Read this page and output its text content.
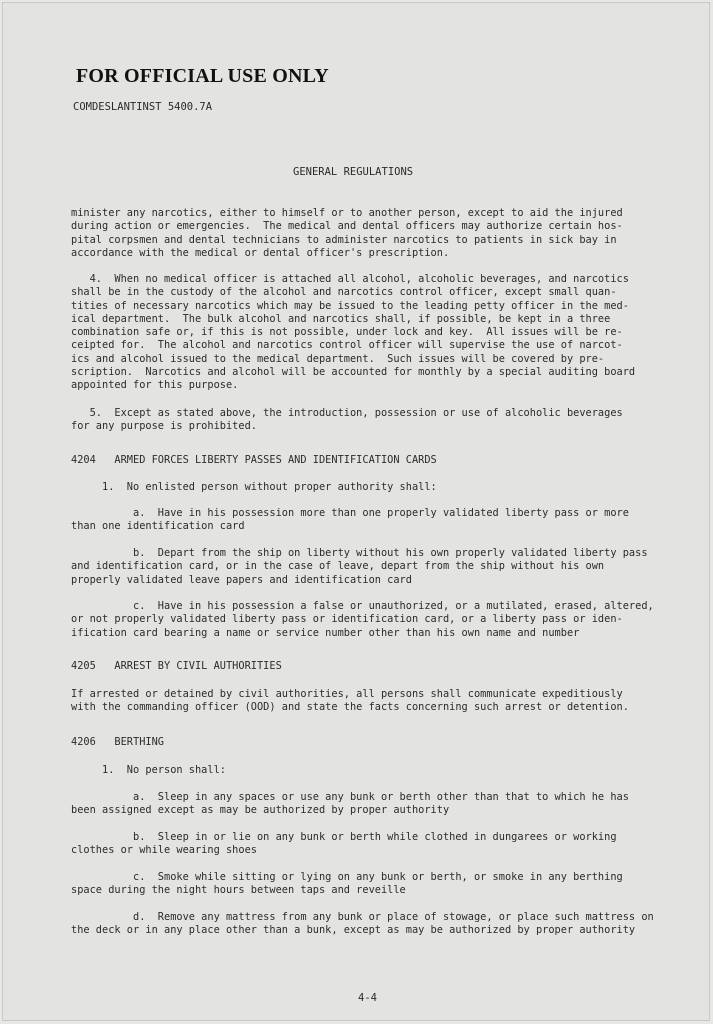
FOR OFFICIAL USE ONLY
COMDESLANTINST 5400.7A
GENERAL REGULATIONS
minister any narcotics, either to himself or to another person, except to aid the injured
during action or emergencies.  The medical and dental officers may authorize certain hos-
pital corpsmen and dental technicians to administer narcotics to patients in sick bay in
accordance with the medical or dental officer's prescription.
4.  When no medical officer is attached all alcohol, alcoholic beverages, and narcotics
shall be in the custody of the alcohol and narcotics control officer, except small quan-
tities of necessary narcotics which may be issued to the leading petty officer in the med-
ical department.  The bulk alcohol and narcotics shall, if possible, be kept in a three
combination safe or, if this is not possible, under lock and key.  All issues will be re-
ceipted for.  The alcohol and narcotics control officer will supervise the use of narcot-
ics and alcohol issued to the medical department.  Such issues will be covered by pre-
scription.  Narcotics and alcohol will be accounted for monthly by a special auditing board
appointed for this purpose.
5.  Except as stated above, the introduction, possession or use of alcoholic beverages
for any purpose is prohibited.
4204   ARMED FORCES LIBERTY PASSES AND IDENTIFICATION CARDS
1.  No enlisted person without proper authority shall:
a.  Have in his possession more than one properly validated liberty pass or more
than one identification card
b.  Depart from the ship on liberty without his own properly validated liberty pass
and identification card, or in the case of leave, depart from the ship without his own
properly validated leave papers and identification card
c.  Have in his possession a false or unauthorized, or a mutilated, erased, altered,
or not properly validated liberty pass or identification card, or a liberty pass or iden-
ification card bearing a name or service number other than his own name and number
4205   ARREST BY CIVIL AUTHORITIES
If arrested or detained by civil authorities, all persons shall communicate expeditiously
with the commanding officer (OOD) and state the facts concerning such arrest or detention.
4206   BERTHING
1.  No person shall:
a.  Sleep in any spaces or use any bunk or berth other than that to which he has
been assigned except as may be authorized by proper authority
b.  Sleep in or lie on any bunk or berth while clothed in dungarees or working
clothes or while wearing shoes
c.  Smoke while sitting or lying on any bunk or berth, or smoke in any berthing
space during the night hours between taps and reveille
d.  Remove any mattress from any bunk or place of stowage, or place such mattress on
the deck or in any place other than a bunk, except as may be authorized by proper authority
4-4
